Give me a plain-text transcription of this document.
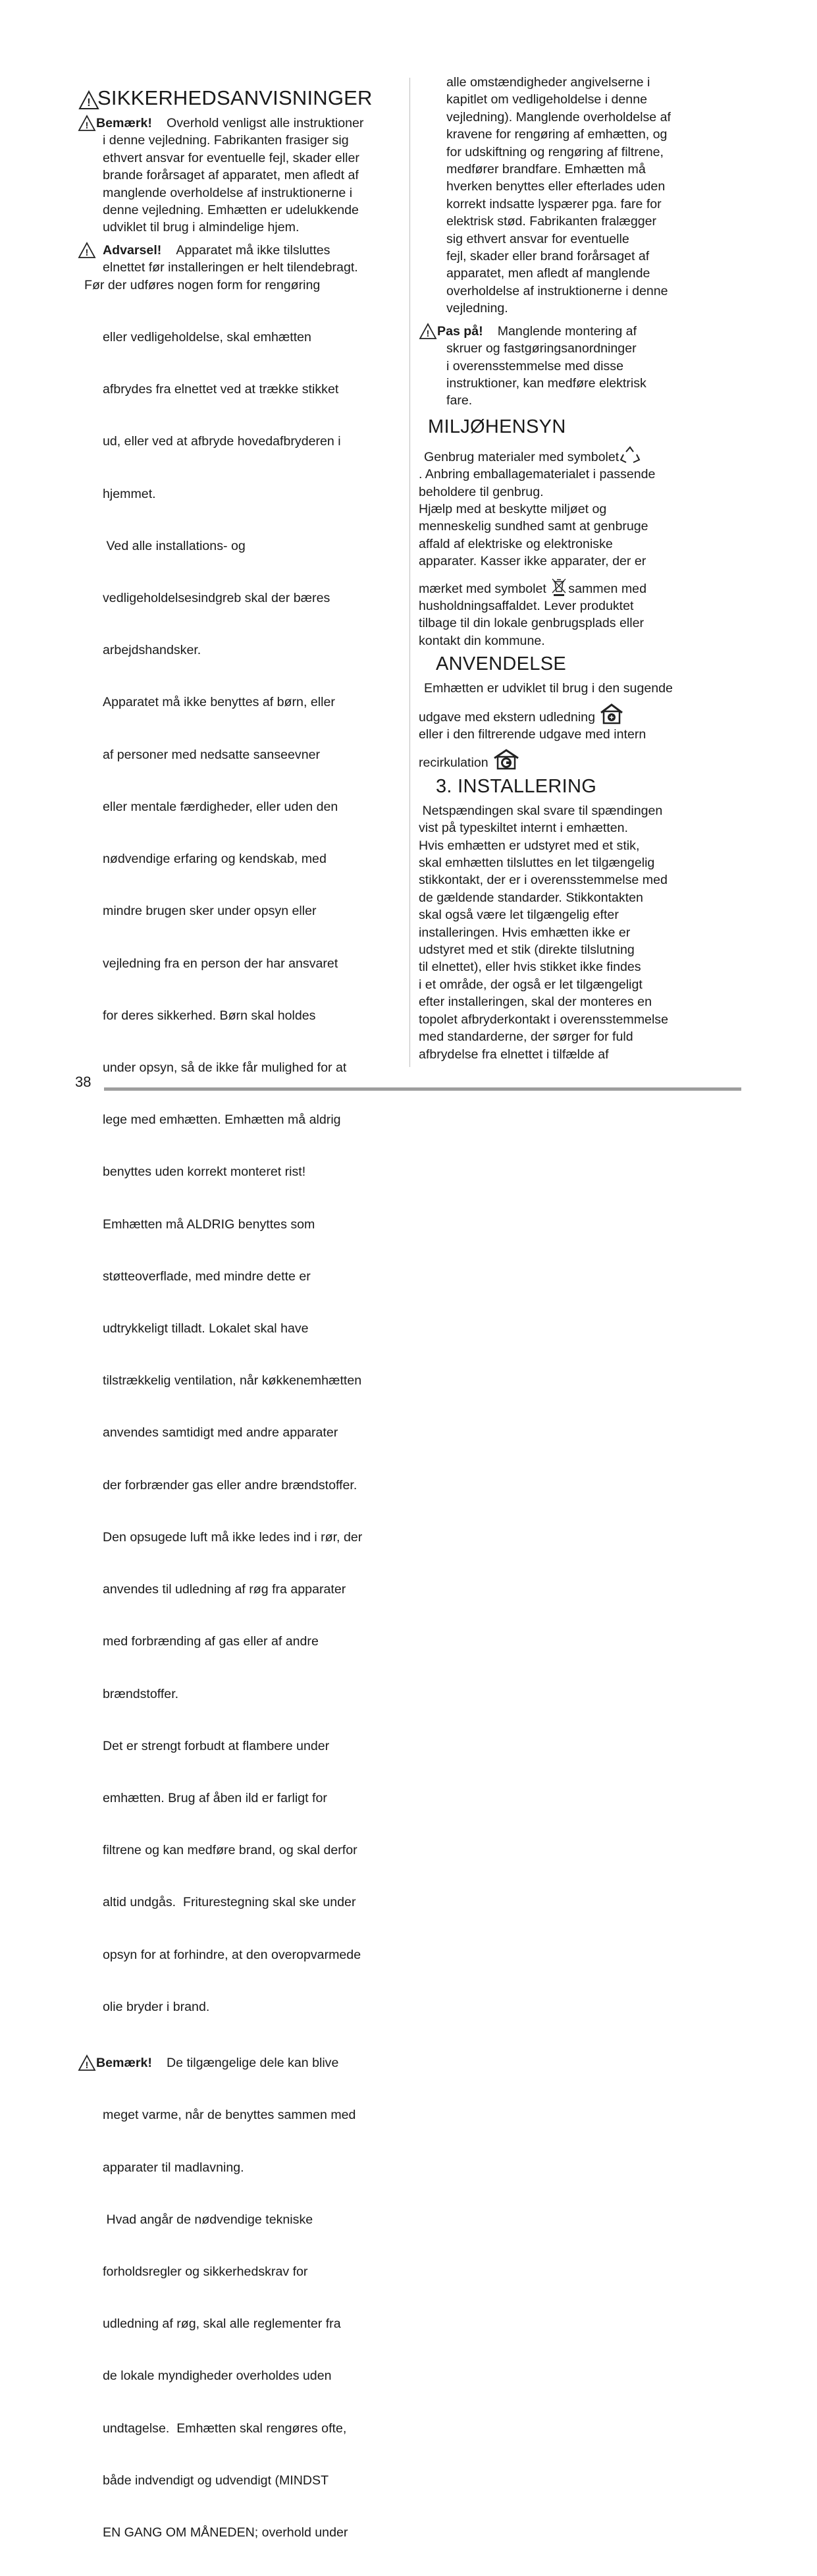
! SIKKERHEDSANVISNINGER
! Bemærk! Overhold venligst alle instruktioner
i denne vejledning. Fabrikanten frasiger sig
ethvert ansvar for eventuelle fejl, skader eller
brande forårsaget af apparatet, men afledt af
manglende overholdelse af instruktionerne i
denne vejledning. Emhætten er udelukkende
udviklet til brug i almindelige hjem.
! Advarsel! Apparatet må ikke tilsluttes
elnettet før installeringen er helt tilendebragt.
Før der udføres nogen form for rengøring

eller vedligeholdelse, skal emhætten

afbrydes fra elnettet ved at trække stikket

ud, eller ved at afbryde hovedafbryderen i

hjemmet.

Ved alle installations- og

vedligeholdelsesindgreb skal der bæres

arbejdshandsker.

Apparatet må ikke benyttes af børn, eller

af personer med nedsatte sanseevner

eller mentale færdigheder, eller uden den

nødvendige erfaring og kendskab, med

mindre brugen sker under opsyn eller

vejledning fra en person der har ansvaret

for deres sikkerhed. Børn skal holdes

under opsyn, så de ikke får mulighed for at

lege med emhætten. Emhætten må aldrig

benyttes uden korrekt monteret rist!

Emhætten må ALDRIG benyttes som

støtteoverflade, med mindre dette er

udtrykkeligt tilladt. Lokalet skal have

tilstrækkelig ventilation, når køkkenemhætten

anvendes samtidigt med andre apparater

der forbrænder gas eller andre brændstoffer.

Den opsugede luft må ikke ledes ind i rør, der

anvendes til udledning af røg fra apparater

med forbrænding af gas eller af andre

brændstoffer.

Det er strengt forbudt at flambere under

emhætten. Brug af åben ild er farligt for

filtrene og kan medføre brand, og skal derfor

altid undgås.  Friturestegning skal ske under

opsyn for at forhindre, at den overopvarmede

olie bryder i brand.

! Bemærk! De tilgængelige dele kan blive

meget varme, når de benyttes sammen med

apparater til madlavning.

Hvad angår de nødvendige tekniske

forholdsregler og sikkerhedskrav for

udledning af røg, skal alle reglementer fra

de lokale myndigheder overholdes uden

undtagelse.  Emhætten skal rengøres ofte,

både indvendigt og udvendigt (MINDST

EN GANG OM MÅNEDEN; overhold under

alle omstændigheder angivelserne i
kapitlet om vedligeholdelse i denne
vejledning). Manglende overholdelse af
kravene for rengøring af emhætten, og
for udskiftning og rengøring af filtrene,
medfører brandfare. Emhætten må
hverken benyttes eller efterlades uden
korrekt indsatte lyspærer pga. fare for
elektrisk stød. Fabrikanten fralægger
sig ethvert ansvar for eventuelle
fejl, skader eller brand forårsaget af
apparatet, men afledt af manglende
overholdelse af instruktionerne i denne
vejledning.
! Pas på! Manglende montering af
skruer og fastgøringsanordninger
i overensstemmelse med disse
instruktioner, kan medføre elektrisk
fare.
MILJØHENSYN
Genbrug materialer med symbolet
. Anbring emballagematerialet i passende
beholdere til genbrug.
Hjælp med at beskytte miljøet og
menneskelig sundhed samt at genbruge
affald af elektriske og elektroniske
apparater. Kasser ikke apparater, der er
mærket med symbolet sammen med
husholdningsaffaldet. Lever produktet
tilbage til din lokale genbrugsplads eller
kontakt din kommune.
ANVENDELSE
Emhætten er udviklet til brug i den sugende
udgave med ekstern udledning
eller i den filtrerende udgave med intern
recirkulation
3. INSTALLERING
Netspændingen skal svare til spændingen
vist på typeskiltet internt i emhætten.
Hvis emhætten er udstyret med et stik,
skal emhætten tilsluttes en let tilgængelig
stikkontakt, der er i overensstemmelse med
de gældende standarder. Stikkontakten
skal også være let tilgængelig efter
installeringen. Hvis emhætten ikke er
udstyret med et stik (direkte tilslutning
til elnettet), eller hvis stikket ikke findes
i et område, der også er let tilgængeligt
efter installeringen, skal der monteres en
topolet afbryderkontakt i overensstemmelse
med standarderne, der sørger for fuld
afbrydelse fra elnettet i tilfælde af
38
